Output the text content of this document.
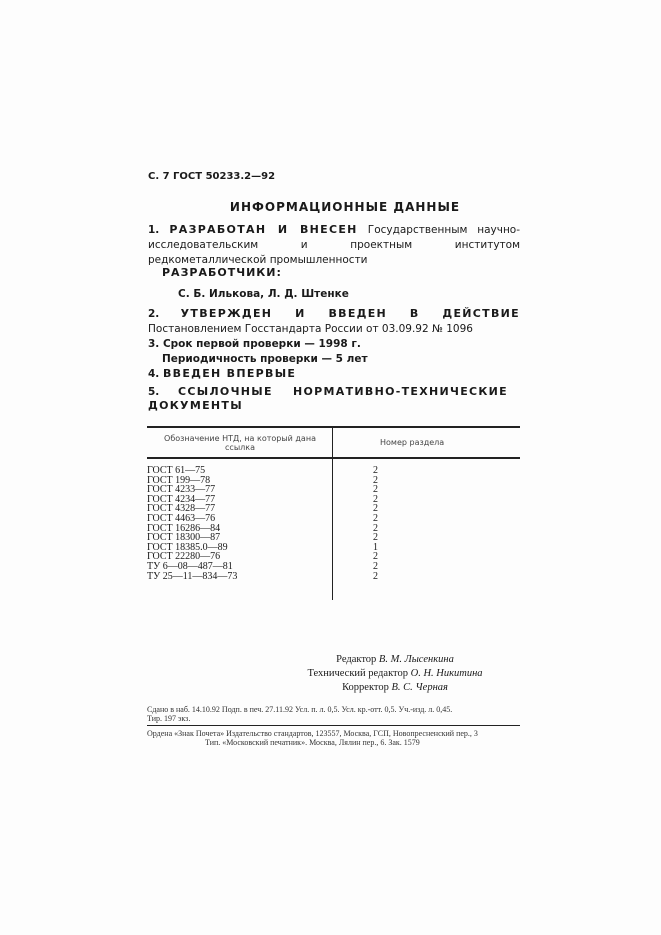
С. 7 ГОСТ 50233.2—92
ИНФОРМАЦИОННЫЕ ДАННЫЕ
1. РАЗРАБОТАН И ВНЕСЕН Государственным научно-исследовательским и проектным институтом редкометаллической промышленности
РАЗРАБОТЧИКИ:
С. Б. Илькова, Л. Д. Штенке
2. УТВЕРЖДЕН И ВВЕДЕН В ДЕЙСТВИЕ Постановлением Госстандарта России от 03.09.92 № 1096
3. Срок первой проверки — 1998 г.
Периодичность проверки — 5 лет
4. ВВЕДЕН ВПЕРВЫЕ
5. ССЫЛОЧНЫЕ НОРМАТИВНО-ТЕХНИЧЕСКИЕ ДОКУМЕНТЫ
Обозначение НТД, на который дана ссылка
Номер раздела
ГОСТ 61—75	2
ГОСТ 199—78	2
ГОСТ 4233—77	2
ГОСТ 4234—77	2
ГОСТ 4328—77	2
ГОСТ 4463—76	2
ГОСТ 16286—84	2
ГОСТ 18300—87	2
ГОСТ 18385.0—89	1
ГОСТ 22280—76	2
ТУ 6—08—487—81	2
ТУ 25—11—834—73	2
Редактор В. М. Лысенкина
Технический редактор О. Н. Никитина
Корректор В. С. Черная
Сдано в наб. 14.10.92 Подп. в печ. 27.11.92 Усл. п. л. 0,5. Усл. кр.-отт. 0,5. Уч.-изд. л. 0,45.
Тир. 197 экз.
Ордена «Знак Почета» Издательство стандартов, 123557, Москва, ГСП, Новопресненский пер., 3
Тип. «Московский печатник». Москва, Лялин пер., 6. Зак. 1579
